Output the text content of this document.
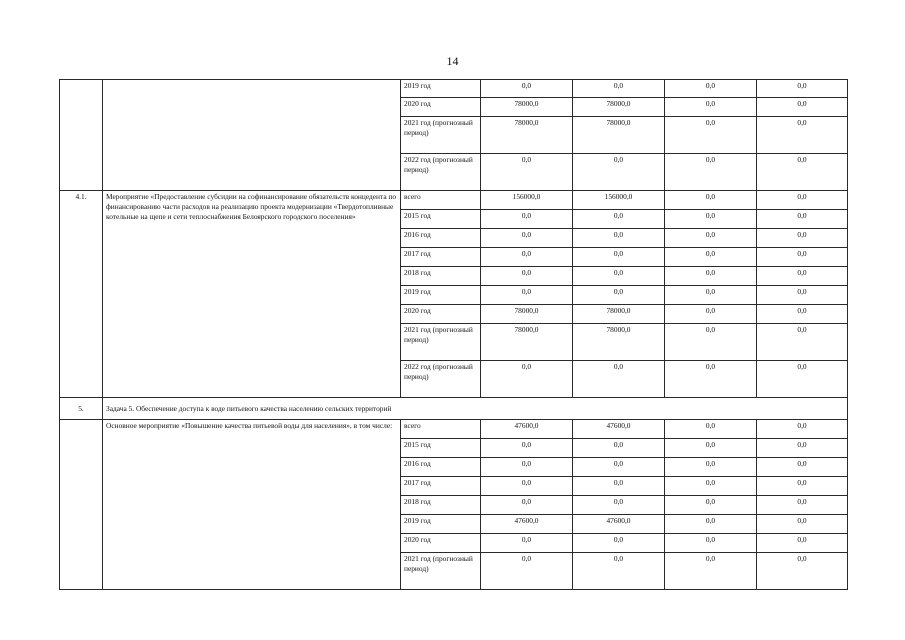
14
		2019 год	0,0	0,0	0,0	0,0
		2020 год	78000,0	78000,0	0,0	0,0
		2021 год (прогнозный период)	78000,0	78000,0	0,0	0,0
		2022 год (прогнозный период)	0,0	0,0	0,0	0,0
4.1.	Мероприятие «Предоставление субсидии на софинансирование обязательств концедента по финансированию части расходов на реализацию проекта модернизации «Твердотопливные котельные на щепе и сети теплоснабжения Белоярского городского поселения»	всего	156000,0	156000,0	0,0	0,0
		2015 год	0,0	0,0	0,0	0,0
		2016 год	0,0	0,0	0,0	0,0
		2017 год	0,0	0,0	0,0	0,0
		2018 год	0,0	0,0	0,0	0,0
		2019 год	0,0	0,0	0,0	0,0
		2020 год	78000,0	78000,0	0,0	0,0
		2021 год (прогнозный период)	78000,0	78000,0	0,0	0,0
		2022 год (прогнозный период)	0,0	0,0	0,0	0,0
5.	Задача 5. Обеспечение доступа к воде питьевого качества населению сельских территорий					
	Основное мероприятие «Повышение качества питьевой воды для населения», в том числе:	всего	47600,0	47600,0	0,0	0,0
		2015 год	0,0	0,0	0,0	0,0
		2016 год	0,0	0,0	0,0	0,0
		2017 год	0,0	0,0	0,0	0,0
		2018 год	0,0	0,0	0,0	0,0
		2019 год	47600,0	47600,0	0,0	0,0
		2020 год	0,0	0,0	0,0	0,0
		2021 год (прогнозный период)	0,0	0,0	0,0	0,0
